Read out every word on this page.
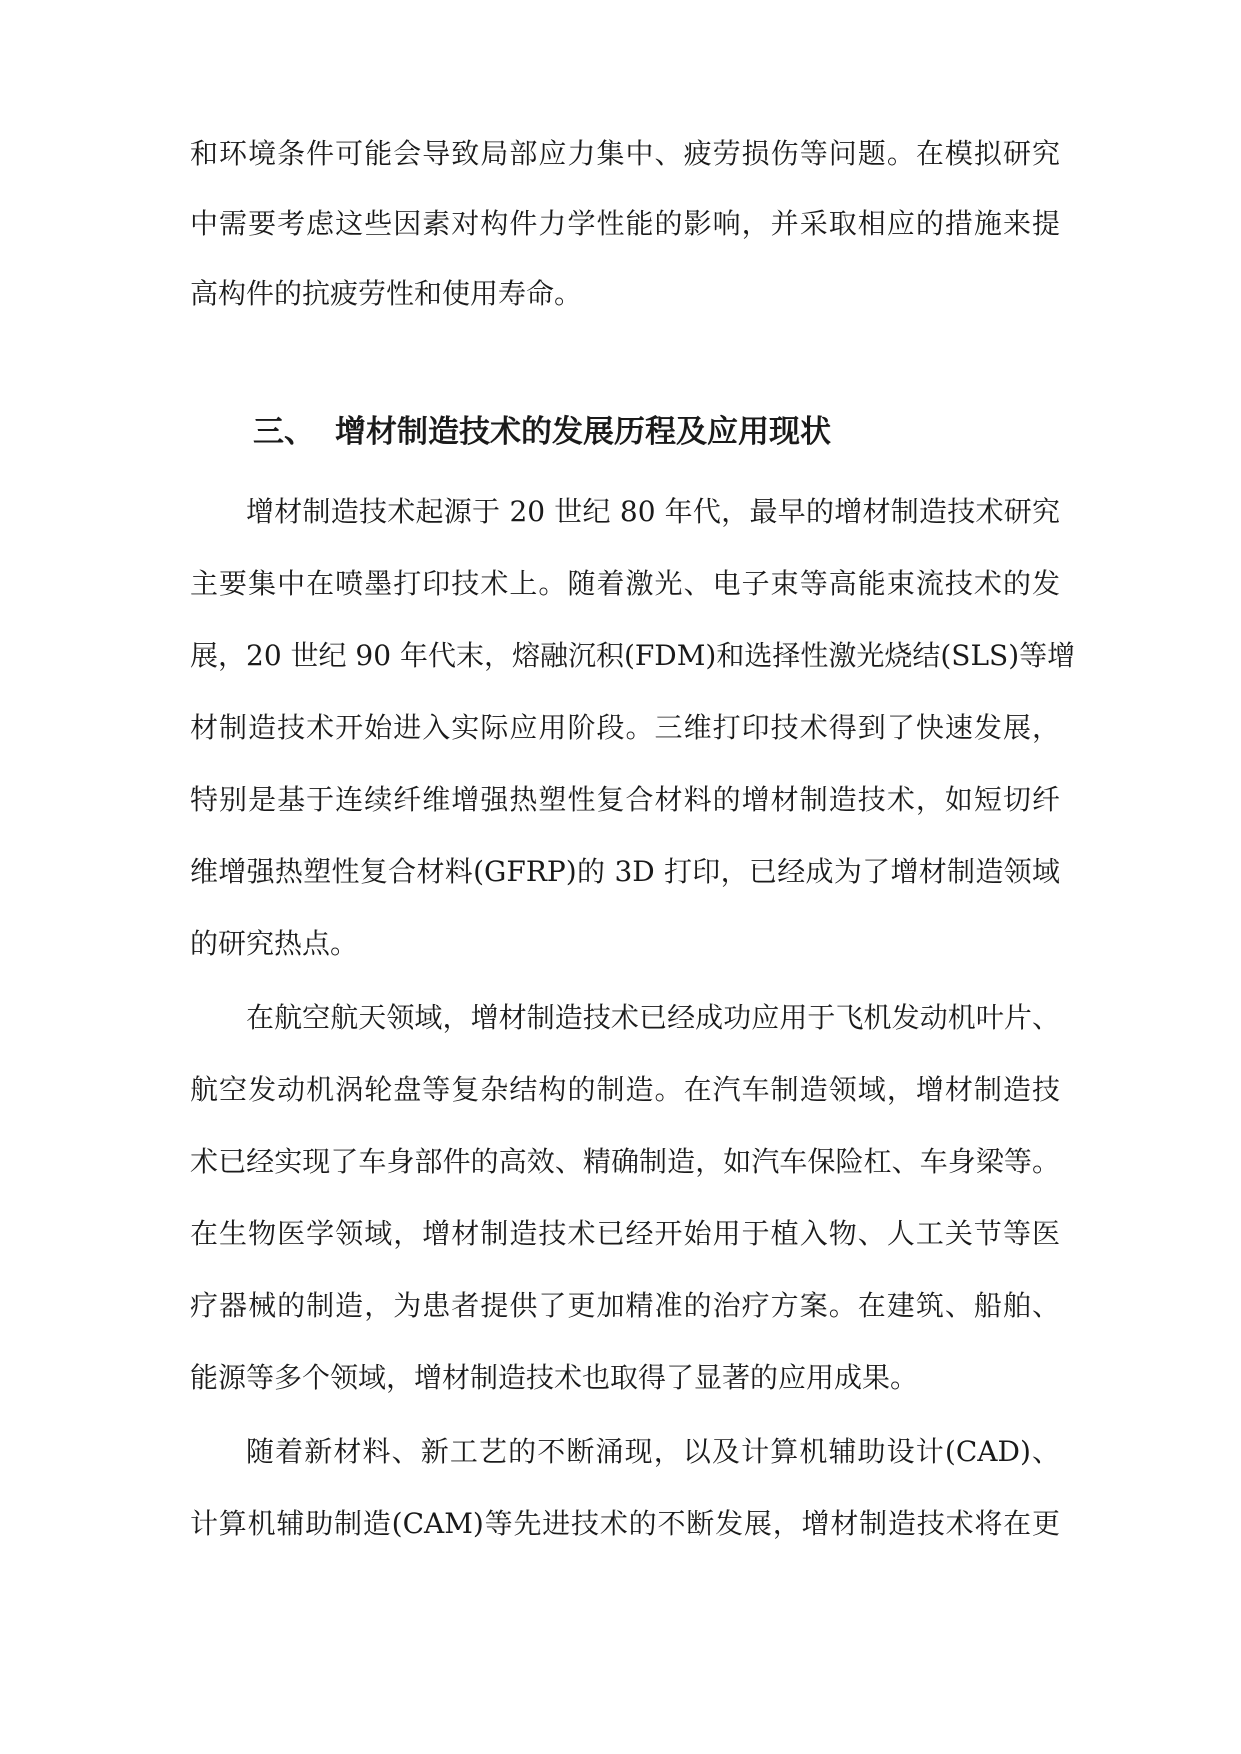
和环境条件可能会导致局部应力集中、疲劳损伤等问题。在模拟研究
中需要考虑这些因素对构件力学性能的影响，并采取相应的措施来提
高构件的抗疲劳性和使用寿命。
三、 增材制造技术的发展历程及应用现状
增材制造技术起源于 20 世纪 80 年代，最早的增材制造技术研究
主要集中在喷墨打印技术上。随着激光、电子束等高能束流技术的发
展，20 世纪 90 年代末，熔融沉积(FDM)和选择性激光烧结(SLS)等增
材制造技术开始进入实际应用阶段。三维打印技术得到了快速发展，
特别是基于连续纤维增强热塑性复合材料的增材制造技术，如短切纤
维增强热塑性复合材料(GFRP)的 3D 打印，已经成为了增材制造领域
的研究热点。
在航空航天领域，增材制造技术已经成功应用于飞机发动机叶片、
航空发动机涡轮盘等复杂结构的制造。在汽车制造领域，增材制造技
术已经实现了车身部件的高效、精确制造，如汽车保险杠、车身梁等。
在生物医学领域，增材制造技术已经开始用于植入物、人工关节等医
疗器械的制造，为患者提供了更加精准的治疗方案。在建筑、船舶、
能源等多个领域，增材制造技术也取得了显著的应用成果。
随着新材料、新工艺的不断涌现，以及计算机辅助设计(CAD)、
计算机辅助制造(CAM)等先进技术的不断发展，增材制造技术将在更
